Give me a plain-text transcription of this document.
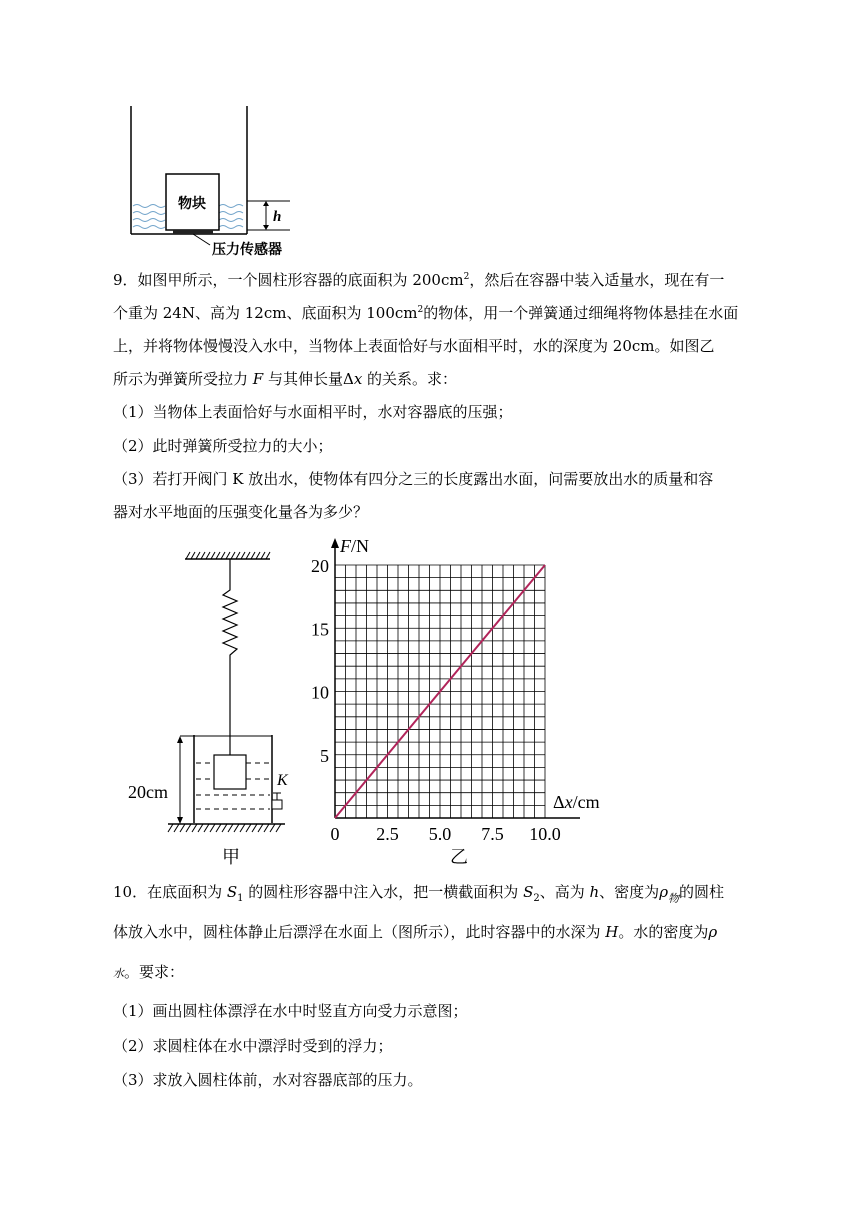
物块
h
压力传感器
9．如图甲所示，一个圆柱形容器的底面积为 $200cm^2$，然后在容器中装入适量水，现在有一
个重为 24N、高为 12cm、底面积为 $100cm^2$的物体，用一个弹簧通过细绳将物体悬挂在水面
上，并将物体慢慢没入水中，当物体上表面恰好与水面相平时，水的深度为 20cm。如图乙
所示为弹簧所受拉力 F 与其伸长量Δx 的关系。求：
（1）当物体上表面恰好与水面相平时，水对容器底的压强；
（2）此时弹簧所受拉力的大小；
（3）若打开阀门 K 放出水，使物体有四分之三的长度露出水面，问需要放出水的质量和容
器对水平地面的压强变化量各为多少？
K
20cm
甲
F/N
Δx/cm
0 2.5 5.0 7.5 10.0
5
10
15
20
乙
10．在底面积为 $S_1$ 的圆柱形容器中注入水，把一横截面积为 $S_2$、高为 h、密度为$\rho_物$的圆柱
体放入水中，圆柱体静止后漂浮在水面上（图所示），此时容器中的水深为 H。水的密度为ρ
水。要求：
（1）画出圆柱体漂浮在水中时竖直方向受力示意图；
（2）求圆柱体在水中漂浮时受到的浮力；
（3）求放入圆柱体前，水对容器底部的压力。
